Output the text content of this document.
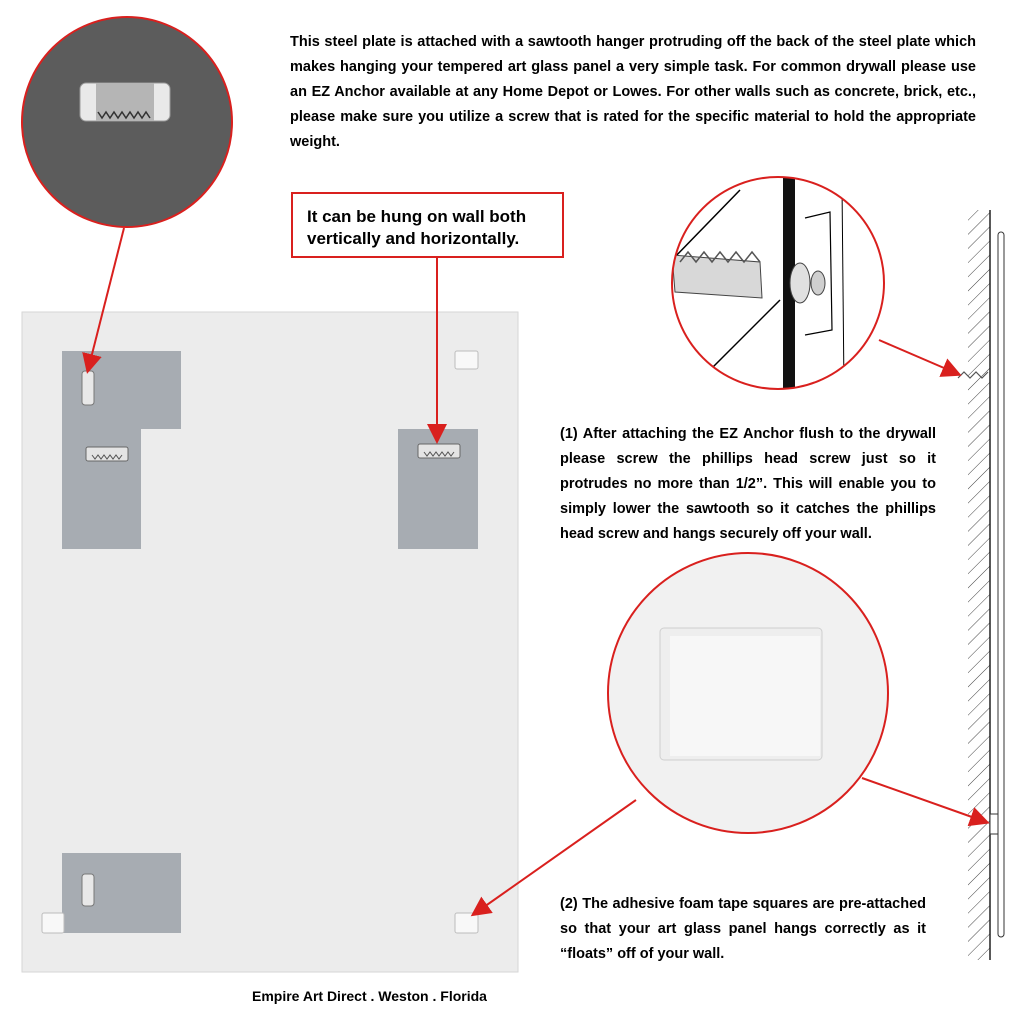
This steel plate is attached with a sawtooth hanger protruding off the back of the steel plate which makes hanging your tempered art glass panel a very simple task. For common drywall please use an EZ Anchor available at any Home Depot or Lowes. For other walls such as concrete, brick, etc., please make sure you utilize a screw that is rated for the specific material to hold the appropriate weight.
It can be hung on wall both vertically and horizontally.
(1) After attaching the EZ Anchor flush to the drywall please screw the phillips head screw just so it protrudes no more than 1/2”. This will enable you to simply lower the sawtooth so it catches the phillips head screw and hangs securely off your wall.
(2) The adhesive foam tape squares are pre-attached so that your art glass panel hangs correctly as it “floats” off of your wall.
Empire Art Direct . Weston . Florida
